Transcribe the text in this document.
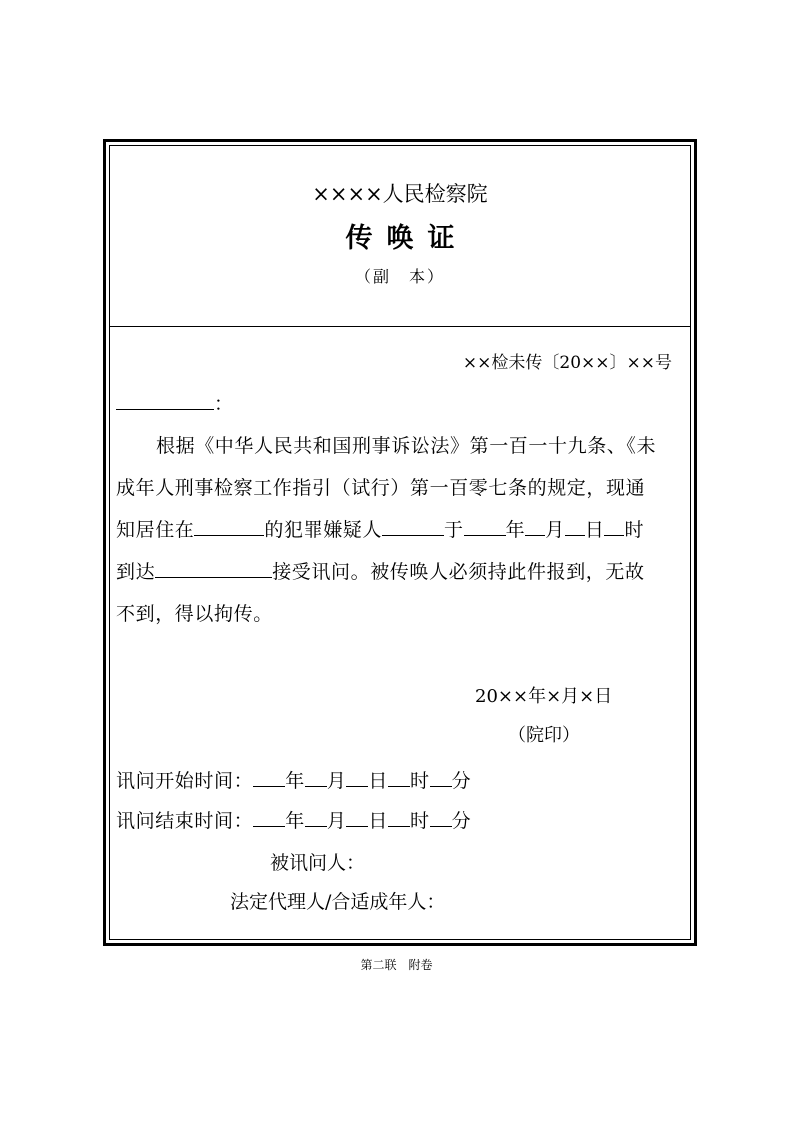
××××人民检察院
传唤证
（副　本）
××检未传〔20××〕××号
：
根据《中华人民共和国刑事诉讼法》第一百一十九条、《未
成年人刑事检察工作指引（试行）第一百零七条的规定，现通
知居住在	的犯罪嫌疑人	于 年 月 日 时
到达	接受讯问。被传唤人必须持此件报到，无故
不到，得以拘传。
20××年×月×日
（院印）
讯问开始时间： 年 月 日 时 分
讯问结束时间： 年 月 日 时 分
被讯问人：
法定代理人/合适成年人：
第二联　附卷
